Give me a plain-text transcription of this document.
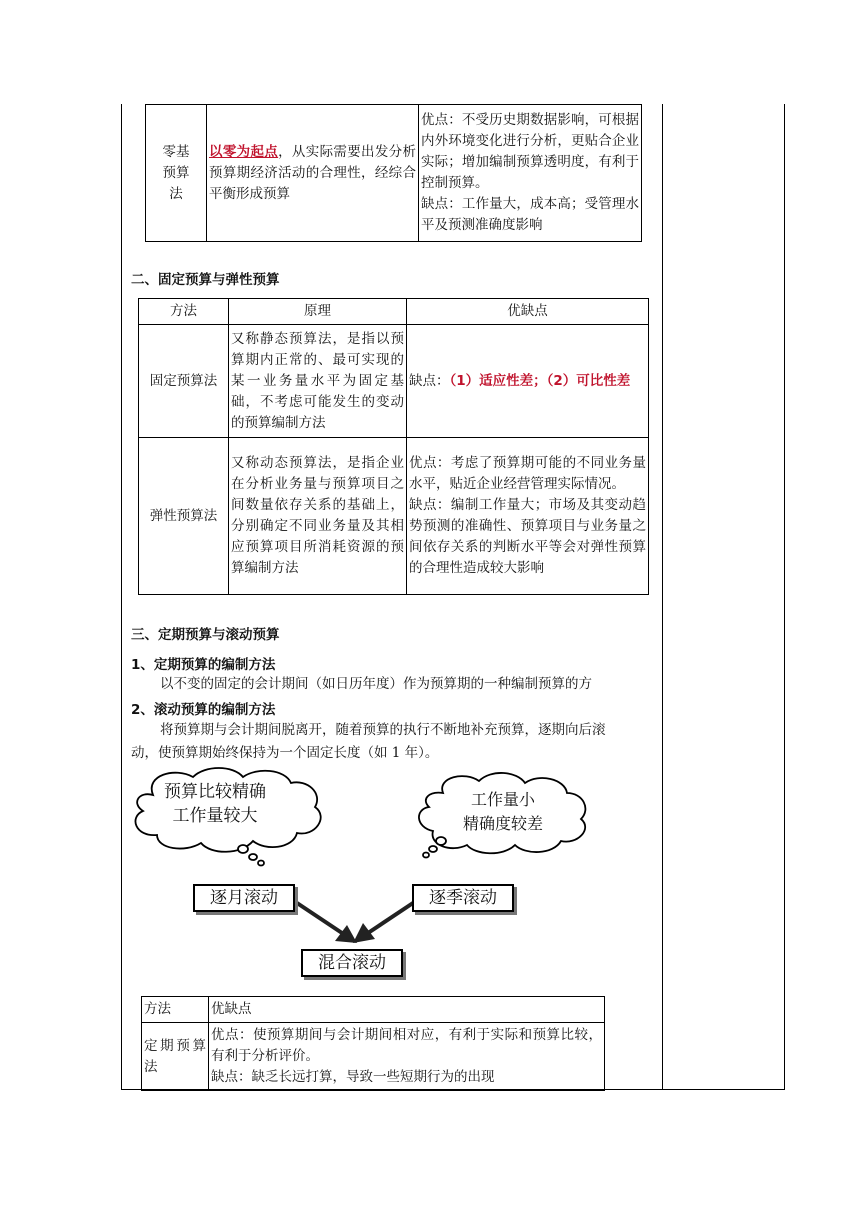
零基预算法	以零为起点，从实际需要出发分析预算期经济活动的合理性，经综合平衡形成预算	
优点：不受历史期数据影响，可根据内外环境变化进行分析，更贴合企业实际；增加编制预算透明度，有利于控制预算。
缺点：工作量大，成本高；受管理水平及预测准确度影响
二、固定预算与弹性预算
方法	原理	优缺点
固定预算法	又称静态预算法，是指以预算期内正常的、最可实现的某一业务量水平为固定基础，不考虑可能发生的变动的预算编制方法	缺点：（1）适应性差；（2）可比性差
弹性预算法	又称动态预算法，是指企业在分析业务量与预算项目之间数量依存关系的基础上，分别确定不同业务量及其相应预算项目所消耗资源的预算编制方法	优点：考虑了预算期可能的不同业务量水平，贴近企业经营管理实际情况。
缺点：编制工作量大；市场及其变动趋势预测的准确性、预算项目与业务量之间依存关系的判断水平等会对弹性预算的合理性造成较大影响
三、定期预算与滚动预算
1、定期预算的编制方法
以不变的固定的会计期间（如日历年度）作为预算期的一种编制预算的方
2、滚动预算的编制方法
将预算期与会计期间脱离开，随着预算的执行不断地补充预算，逐期向后滚
动，使预算期始终保持为一个固定长度（如 1 年）。
预算比较精确
工作量较大
工作量小
精确度较差
逐月滚动	逐季滚动
混合滚动
方法	优缺点
定期预算法	优点：使预算期间与会计期间相对应，有利于实际和预算比较，有利于分析评价。
缺点：缺乏长远打算，导致一些短期行为的出现
